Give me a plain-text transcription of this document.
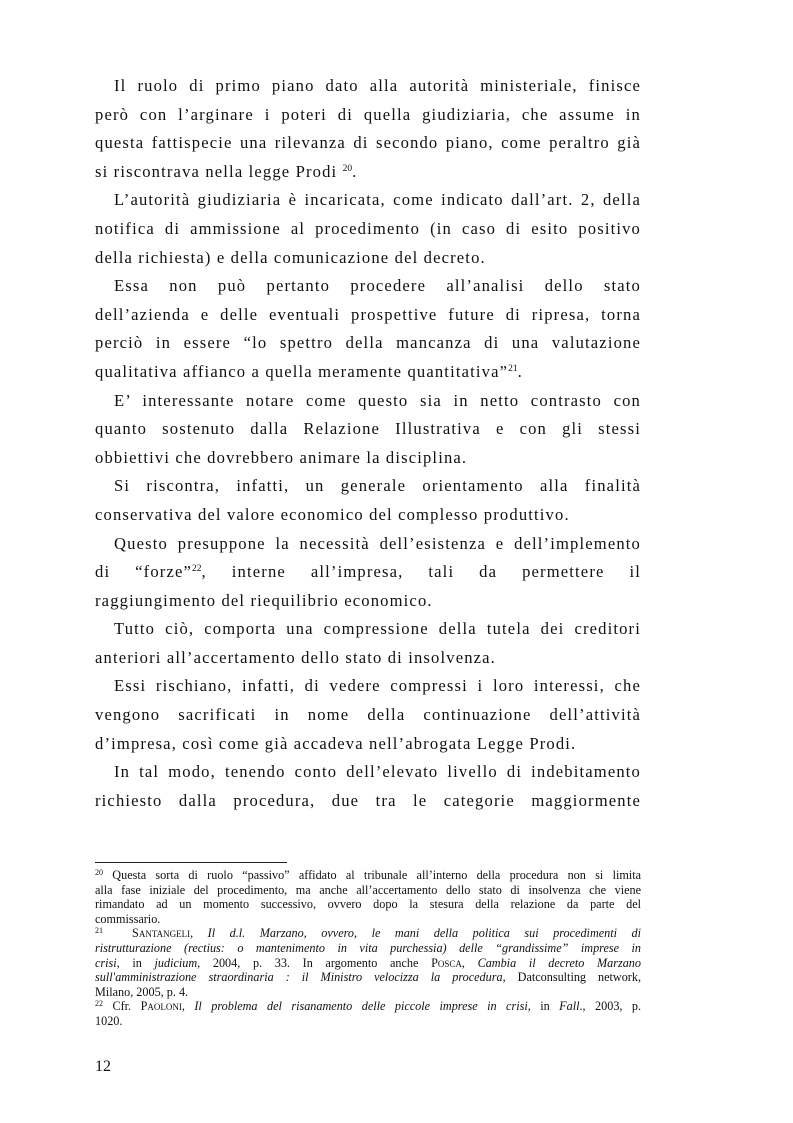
Il ruolo di primo piano dato alla autorità ministeriale, finisce
però con l’arginare i poteri di quella giudiziaria, che assume in
questa fattispecie una rilevanza di secondo piano, come peraltro già
si riscontrava nella legge Prodi $^{20}$.

L’autorità giudiziaria è incaricata, come indicato dall’art. 2, della
notifica di ammissione al procedimento (in caso di esito positivo
della richiesta) e della comunicazione del decreto.

Essa non può pertanto procedere all’analisi dello stato
dell’azienda e delle eventuali prospettive future di ripresa, torna
perciò in essere “lo spettro della mancanza di una valutazione
qualitativa affianco a quella meramente quantitativa”$^{21}$.

E’ interessante notare come questo sia in netto contrasto con
quanto sostenuto dalla Relazione Illustrativa e con gli stessi
obbiettivi che dovrebbero animare la disciplina.

Si riscontra, infatti, un generale orientamento alla finalità
conservativa del valore economico del complesso produttivo.

Questo presuppone la necessità dell’esistenza e dell’implemento
di “forze”$^{22}$, interne all’impresa, tali da permettere il
raggiungimento del riequilibrio economico.

Tutto ciò, comporta una compressione della tutela dei creditori
anteriori all’accertamento dello stato di insolvenza.

Essi rischiano, infatti, di vedere compressi i loro interessi, che
vengono sacrificati in nome della continuazione dell’attività
d’impresa, così come già accadeva nell’abrogata Legge Prodi.

In tal modo, tenendo conto dell’elevato livello di indebitamento
richiesto dalla procedura, due tra le categorie maggiormente

$^{20}$ Questa sorta di ruolo “passivo” affidato al tribunale all’interno della procedura non si limita
alla fase iniziale del procedimento, ma anche all’accertamento dello stato di insolvenza che viene
rimandato ad un momento successivo, ovvero dopo la stesura della relazione da parte del
commissario.

$^{21}$ Santangeli, Il d.l. Marzano, ovvero, le mani della politica sui procedimenti di
ristrutturazione (rectius: o mantenimento in vita purchessia) delle “grandissime” imprese in
crisi, in judicium, 2004, p. 33. In argomento anche Posca, Cambia il decreto Marzano
sull'amministrazione straordinaria : il Ministro velocizza la procedura, Datconsulting network,
Milano, 2005, p. 4.

$^{22}$ Cfr. Paoloni, Il problema del risanamento delle piccole imprese in crisi, in Fall., 2003, p.
1020.

12
